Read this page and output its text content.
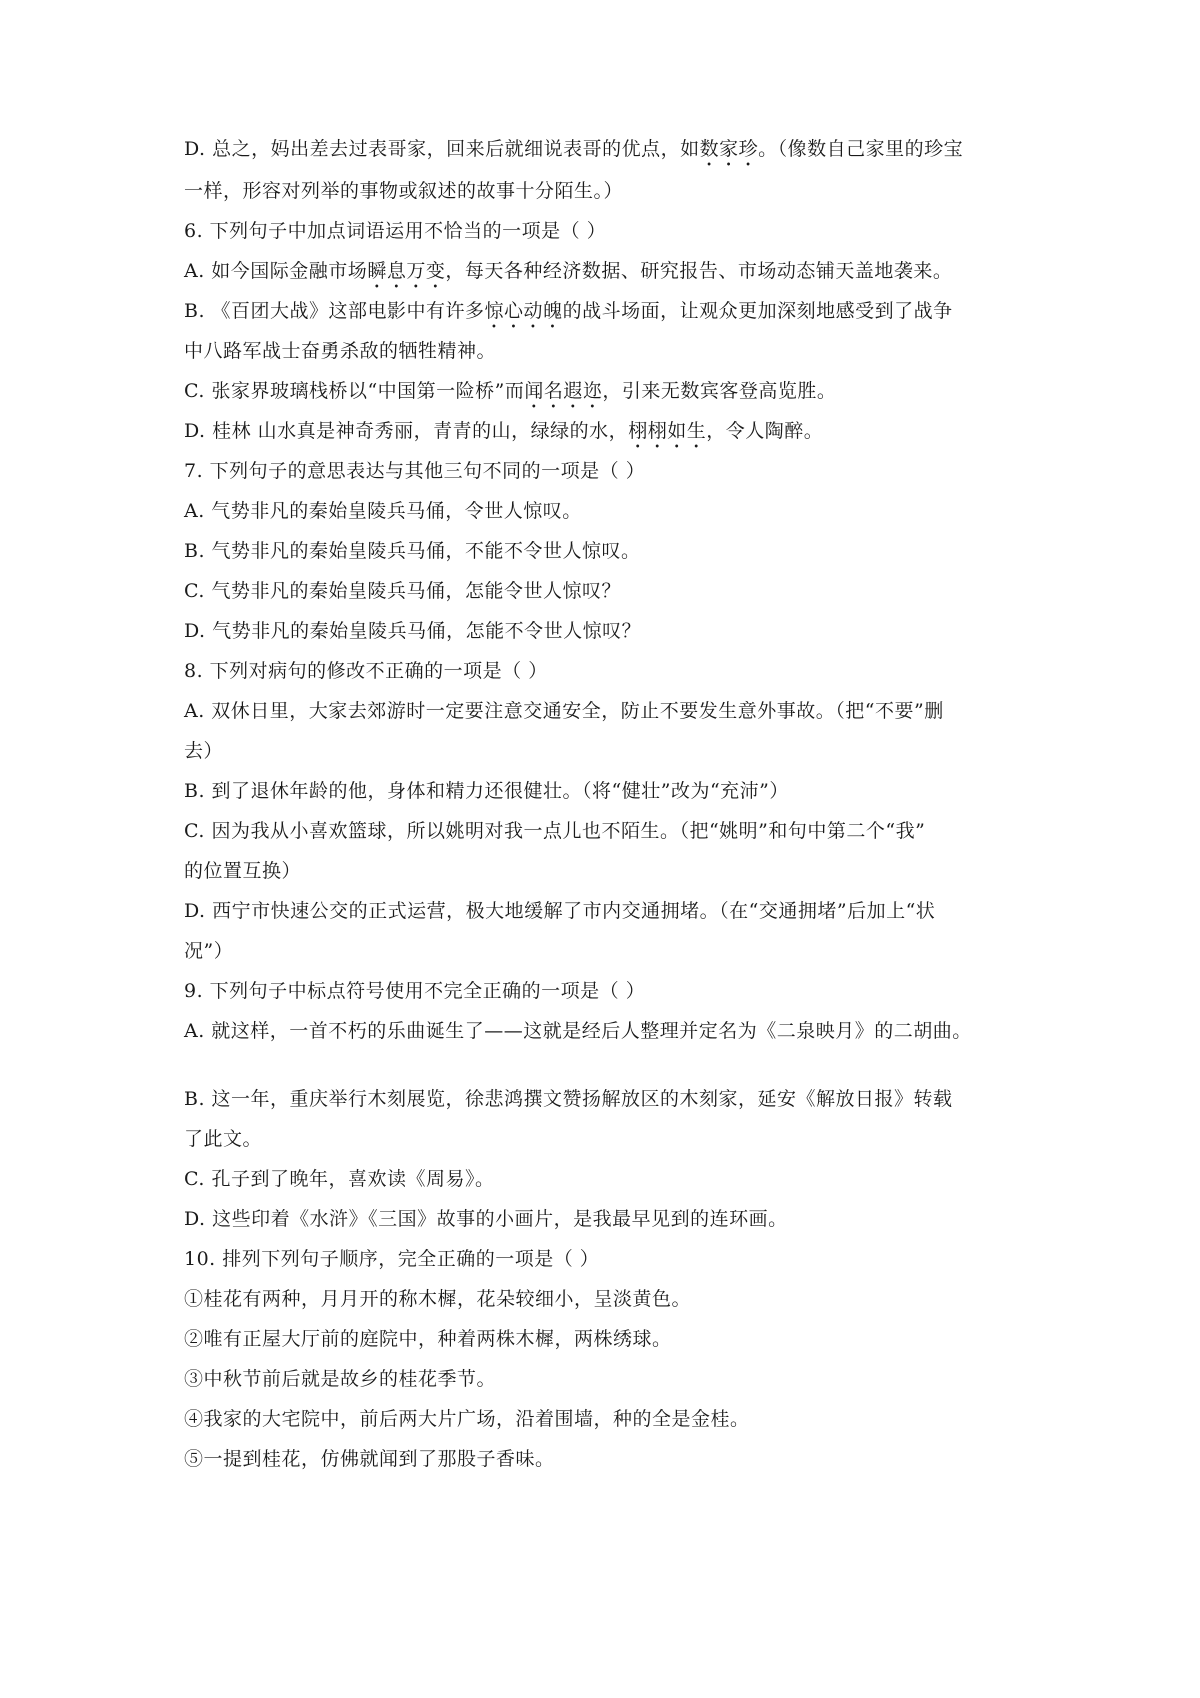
D. 总之，妈出差去过表哥家，回来后就细说表哥的优点，如数家珍。（像数自己家里的珍宝
一样，形容对列举的事物或叙述的故事十分陌生。）
6. 下列句子中加点词语运用不恰当的一项是（ ）
A. 如今国际金融市场瞬息万变，每天各种经济数据、研究报告、市场动态铺天盖地袭来。
B. 《百团大战》这部电影中有许多惊心动魄的战斗场面，让观众更加深刻地感受到了战争
中八路军战士奋勇杀敌的牺牲精神。
C. 张家界玻璃栈桥以“中国第一险桥”而闻名遐迩，引来无数宾客登高览胜。
D. 桂林 山水真是神奇秀丽，青青的山，绿绿的水，栩栩如生，令人陶醉。
7. 下列句子的意思表达与其他三句不同的一项是（ ）
A. 气势非凡的秦始皇陵兵马俑，令世人惊叹。
B. 气势非凡的秦始皇陵兵马俑，不能不令世人惊叹。
C. 气势非凡的秦始皇陵兵马俑，怎能令世人惊叹？
D. 气势非凡的秦始皇陵兵马俑，怎能不令世人惊叹？
8. 下列对病句的修改不正确的一项是（ ）
A. 双休日里，大家去郊游时一定要注意交通安全，防止不要发生意外事故。（把“不要”删
去）
B. 到了退休年龄的他，身体和精力还很健壮。（将“健壮”改为“充沛”）
C. 因为我从小喜欢篮球，所以姚明对我一点儿也不陌生。（把“姚明”和句中第二个“我”
的位置互换）
D. 西宁市快速公交的正式运营，极大地缓解了市内交通拥堵。（在“交通拥堵”后加上“状
况”）
9. 下列句子中标点符号使用不完全正确的一项是（ ）
A. 就这样，一首不朽的乐曲诞生了——这就是经后人整理并定名为《二泉映月》的二胡曲。
B. 这一年，重庆举行木刻展览，徐悲鸿撰文赞扬解放区的木刻家，延安《解放日报》转载
了此文。
C. 孔子到了晚年，喜欢读《周易》。
D. 这些印着《水浒》《三国》故事的小画片，是我最早见到的连环画。
10. 排列下列句子顺序，完全正确的一项是（ ）
①桂花有两种，月月开的称木樨，花朵较细小，呈淡黄色。
②唯有正屋大厅前的庭院中，种着两株木樨，两株绣球。
③中秋节前后就是故乡的桂花季节。
④我家的大宅院中，前后两大片广场，沿着围墙，种的全是金桂。
⑤一提到桂花，仿佛就闻到了那股子香味。
